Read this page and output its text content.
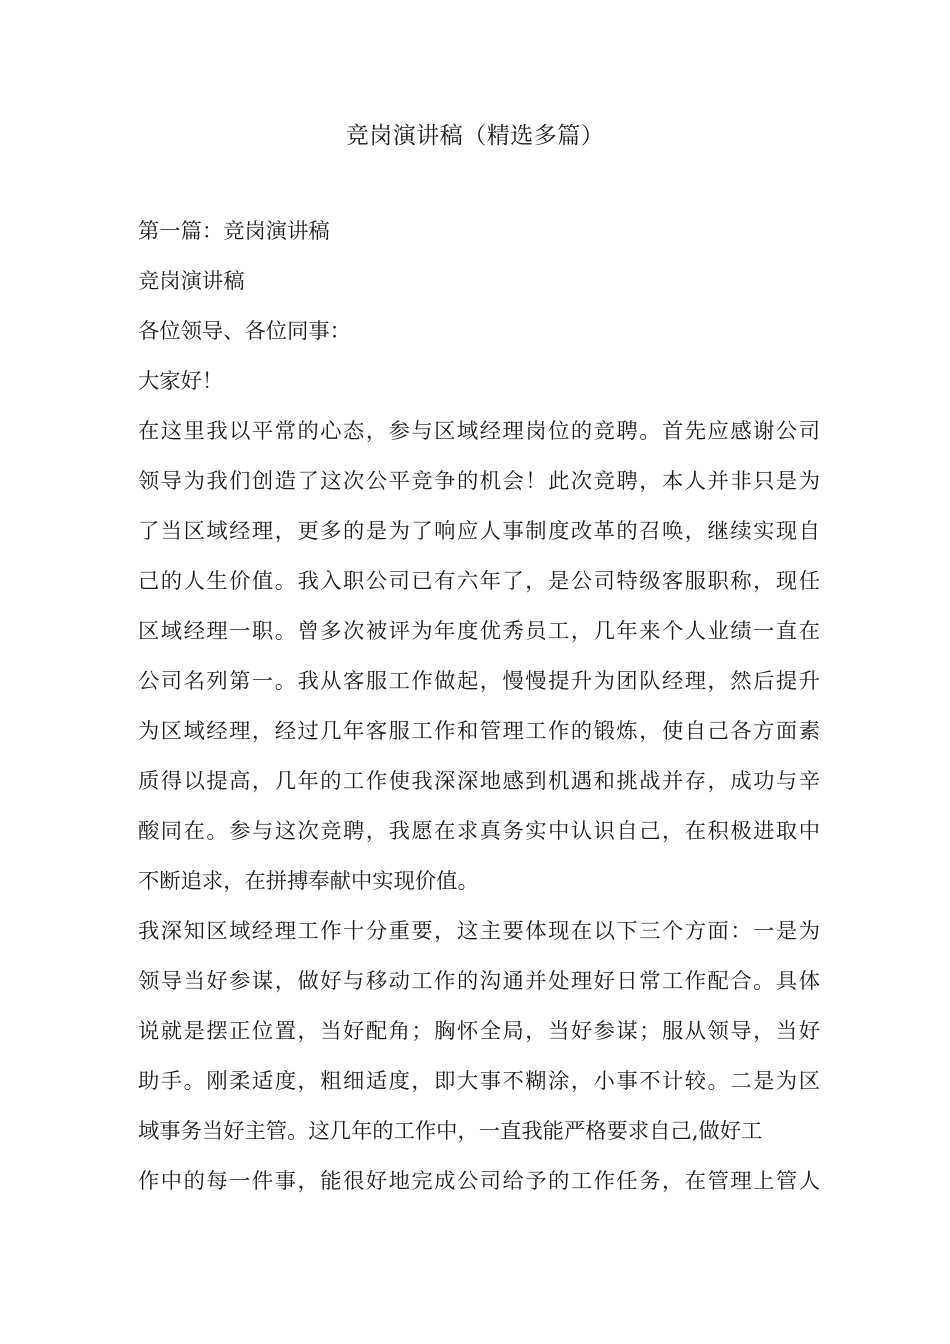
竞岗演讲稿（精选多篇）
第一篇：竞岗演讲稿
竞岗演讲稿
各位领导、各位同事：
大家好！
在这里我以平常的心态，参与区域经理岗位的竞聘。首先应感谢公司
领导为我们创造了这次公平竞争的机会！此次竞聘，本人并非只是为
了当区域经理，更多的是为了响应人事制度改革的召唤，继续实现自
己的人生价值。我入职公司已有六年了，是公司特级客服职称，现任
区域经理一职。曾多次被评为年度优秀员工，几年来个人业绩一直在
公司名列第一。我从客服工作做起，慢慢提升为团队经理，然后提升
为区域经理，经过几年客服工作和管理工作的锻炼，使自己各方面素
质得以提高，几年的工作使我深深地感到机遇和挑战并存，成功与辛
酸同在。参与这次竞聘，我愿在求真务实中认识自己，在积极进取中
不断追求，在拼搏奉献中实现价值。
我深知区域经理工作十分重要，这主要体现在以下三个方面：一是为
领导当好参谋，做好与移动工作的沟通并处理好日常工作配合。具体
说就是摆正位置，当好配角；胸怀全局，当好参谋；服从领导，当好
助手。刚柔适度，粗细适度，即大事不糊涂，小事不计较。二是为区
域事务当好主管。这几年的工作中，一直我能严格要求自己,做好工
作中的每一件事，能很好地完成公司给予的工作任务，在管理上管人
